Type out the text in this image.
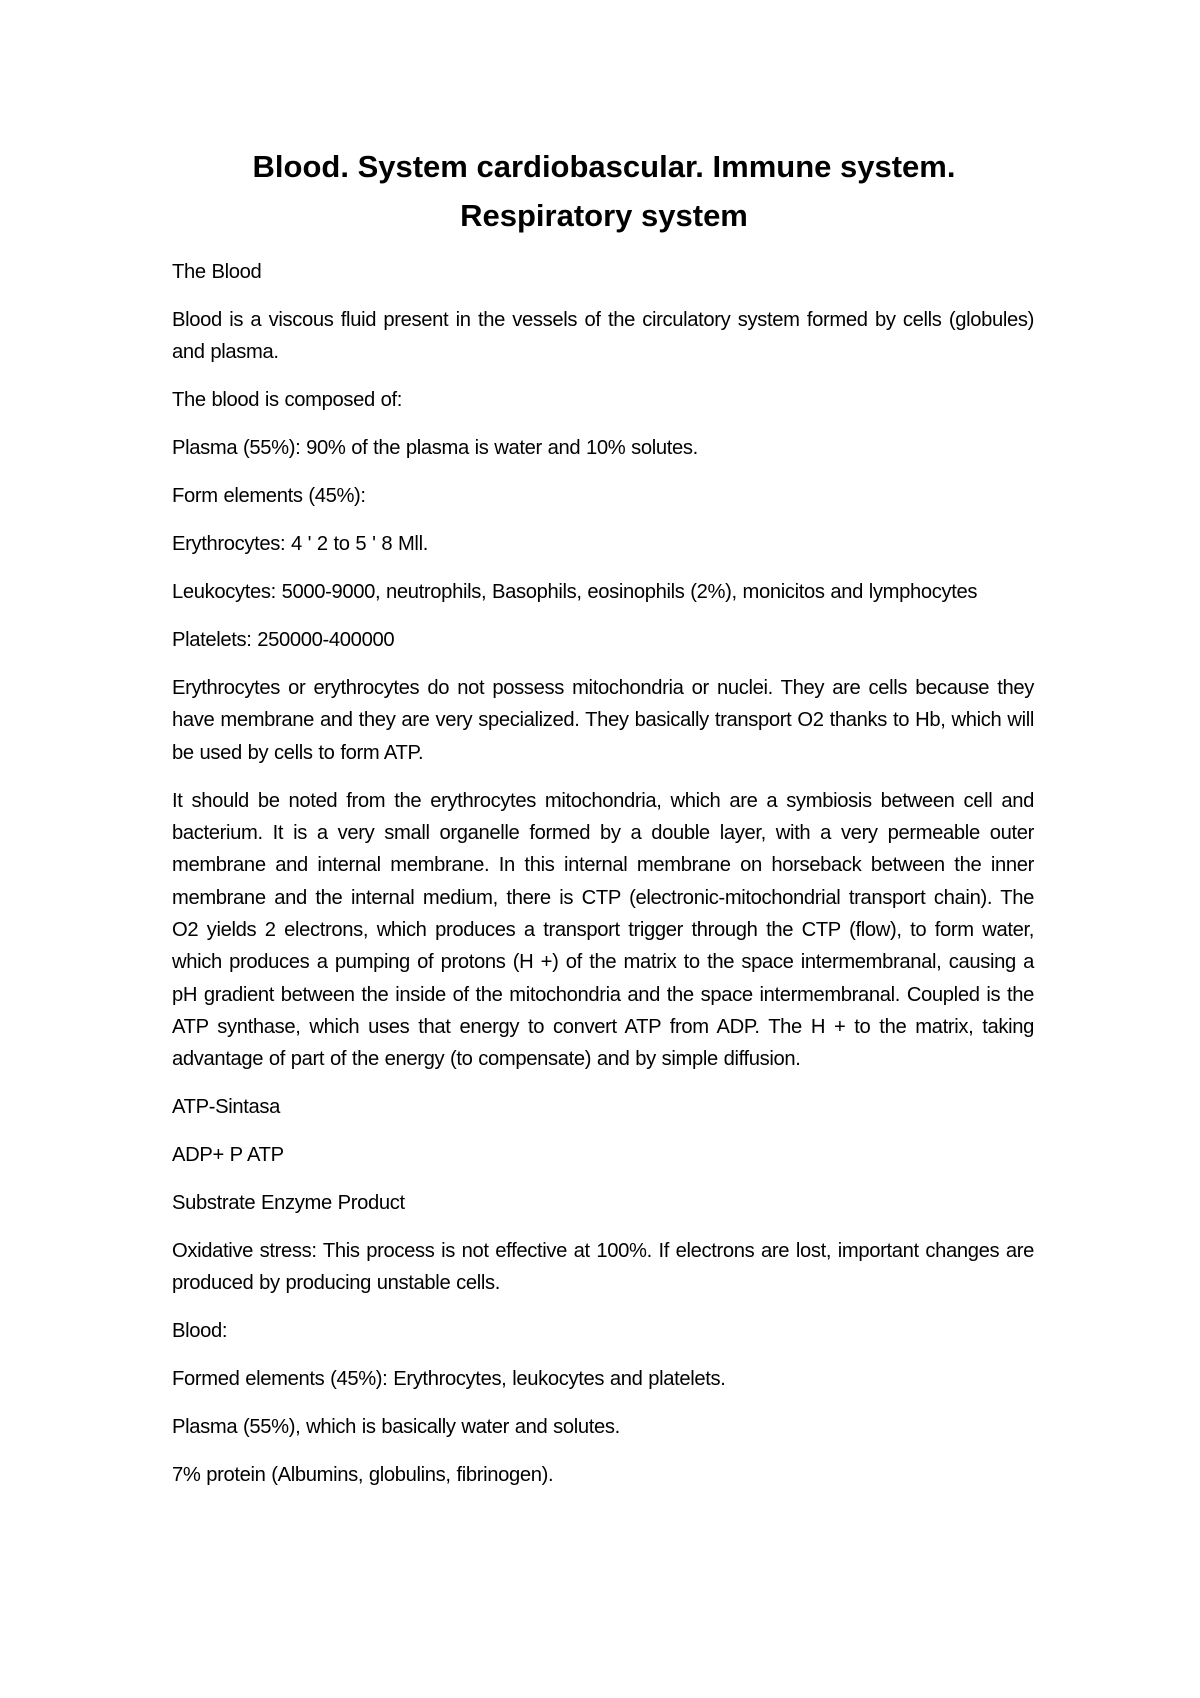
Blood. System cardiobascular. Immune system.
Respiratory system

The Blood

Blood is a viscous fluid present in the vessels of the circulatory system formed by cells (globules) and plasma.

The blood is composed of:

Plasma (55%): 90% of the plasma is water and 10% solutes.

Form elements (45%):

Erythrocytes: 4 ' 2 to 5 ' 8 Mll.

Leukocytes: 5000-9000, neutrophils, Basophils, eosinophils (2%), monicitos and lymphocytes

Platelets: 250000-400000

Erythrocytes or erythrocytes do not possess mitochondria or nuclei. They are cells because they have membrane and they are very specialized. They basically transport O2 thanks to Hb, which will be used by cells to form ATP.

It should be noted from the erythrocytes mitochondria, which are a symbiosis between cell and bacterium. It is a very small organelle formed by a double layer, with a very permeable outer membrane and internal membrane. In this internal membrane on horseback between the inner membrane and the internal medium, there is CTP (electronic-mitochondrial transport chain). The O2 yields 2 electrons, which produces a transport trigger through the CTP (flow), to form water, which produces a pumping of protons (H +) of the matrix to the space intermembranal, causing a pH gradient between the inside of the mitochondria and the space intermembranal. Coupled is the ATP synthase, which uses that energy to convert ATP from ADP. The H + to the matrix, taking advantage of part of the energy (to compensate) and by simple diffusion.

ATP-Sintasa

ADP+ P ATP

Substrate Enzyme Product

Oxidative stress: This process is not effective at 100%. If electrons are lost, important changes are produced by producing unstable cells.

Blood:

Formed elements (45%): Erythrocytes, leukocytes and platelets.

Plasma (55%), which is basically water and solutes.

7% protein (Albumins, globulins, fibrinogen).
